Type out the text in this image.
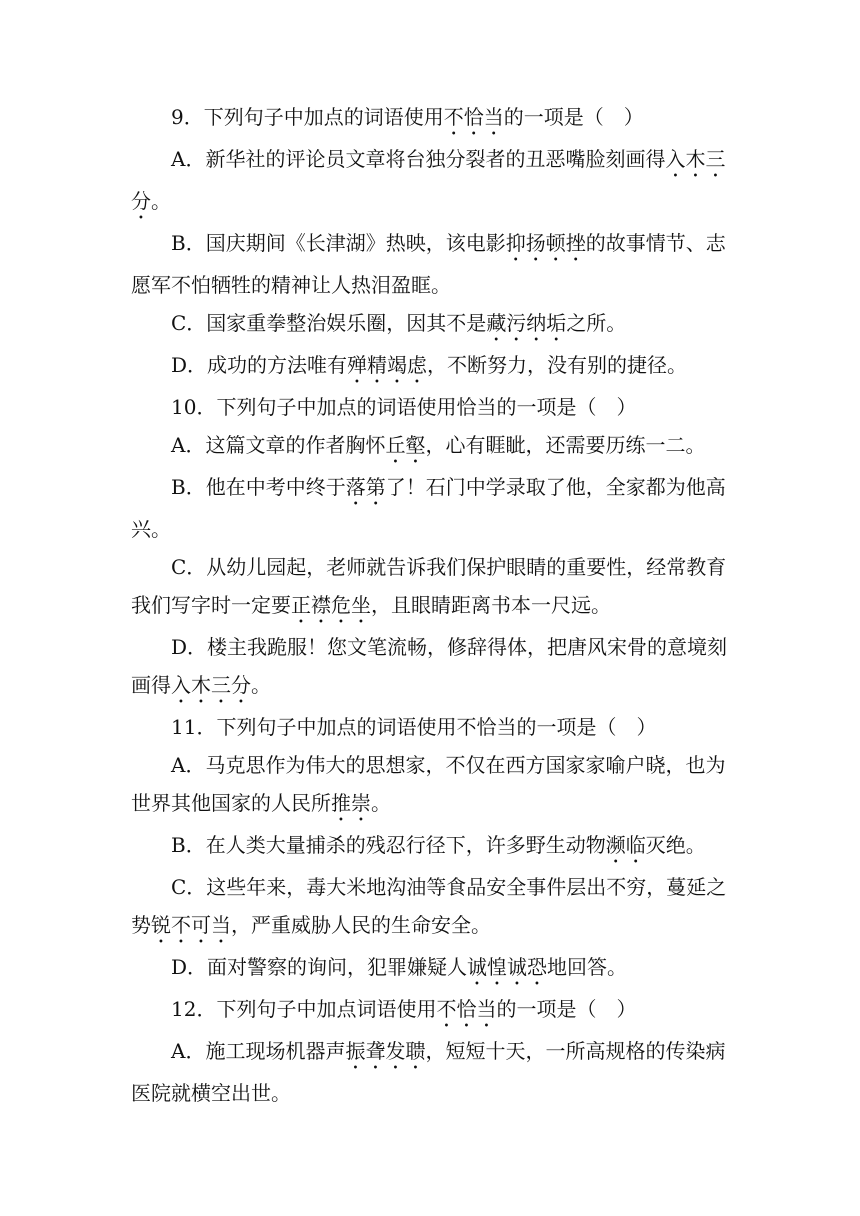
9．下列句子中加点的词语使用不恰当的一项是（　）

A．新华社的评论员文章将台独分裂者的丑恶嘴脸刻画得入木三分。

B．国庆期间《长津湖》热映，该电影抑扬顿挫的故事情节、志愿军不怕牺牲的精神让人热泪盈眶。

C．国家重拳整治娱乐圈，因其不是藏污纳垢之所。

D．成功的方法唯有殚精竭虑，不断努力，没有别的捷径。

10．下列句子中加点的词语使用恰当的一项是（　）

A．这篇文章的作者胸怀丘壑，心有睚眦，还需要历练一二。

B．他在中考中终于落第了！石门中学录取了他，全家都为他高兴。

C．从幼儿园起，老师就告诉我们保护眼睛的重要性，经常教育我们写字时一定要正襟危坐，且眼睛距离书本一尺远。

D．楼主我跪服！您文笔流畅，修辞得体，把唐风宋骨的意境刻画得入木三分。

11．下列句子中加点的词语使用不恰当的一项是（　）

A．马克思作为伟大的思想家，不仅在西方国家家喻户晓，也为世界其他国家的人民所推崇。

B．在人类大量捕杀的残忍行径下，许多野生动物濒临灭绝。

C．这些年来，毒大米地沟油等食品安全事件层出不穷，蔓延之势锐不可当，严重威胁人民的生命安全。

D．面对警察的询问，犯罪嫌疑人诚惶诚恐地回答。

12．下列句子中加点词语使用不恰当的一项是（　）

A．施工现场机器声振聋发聩，短短十天，一所高规格的传染病医院就横空出世。
